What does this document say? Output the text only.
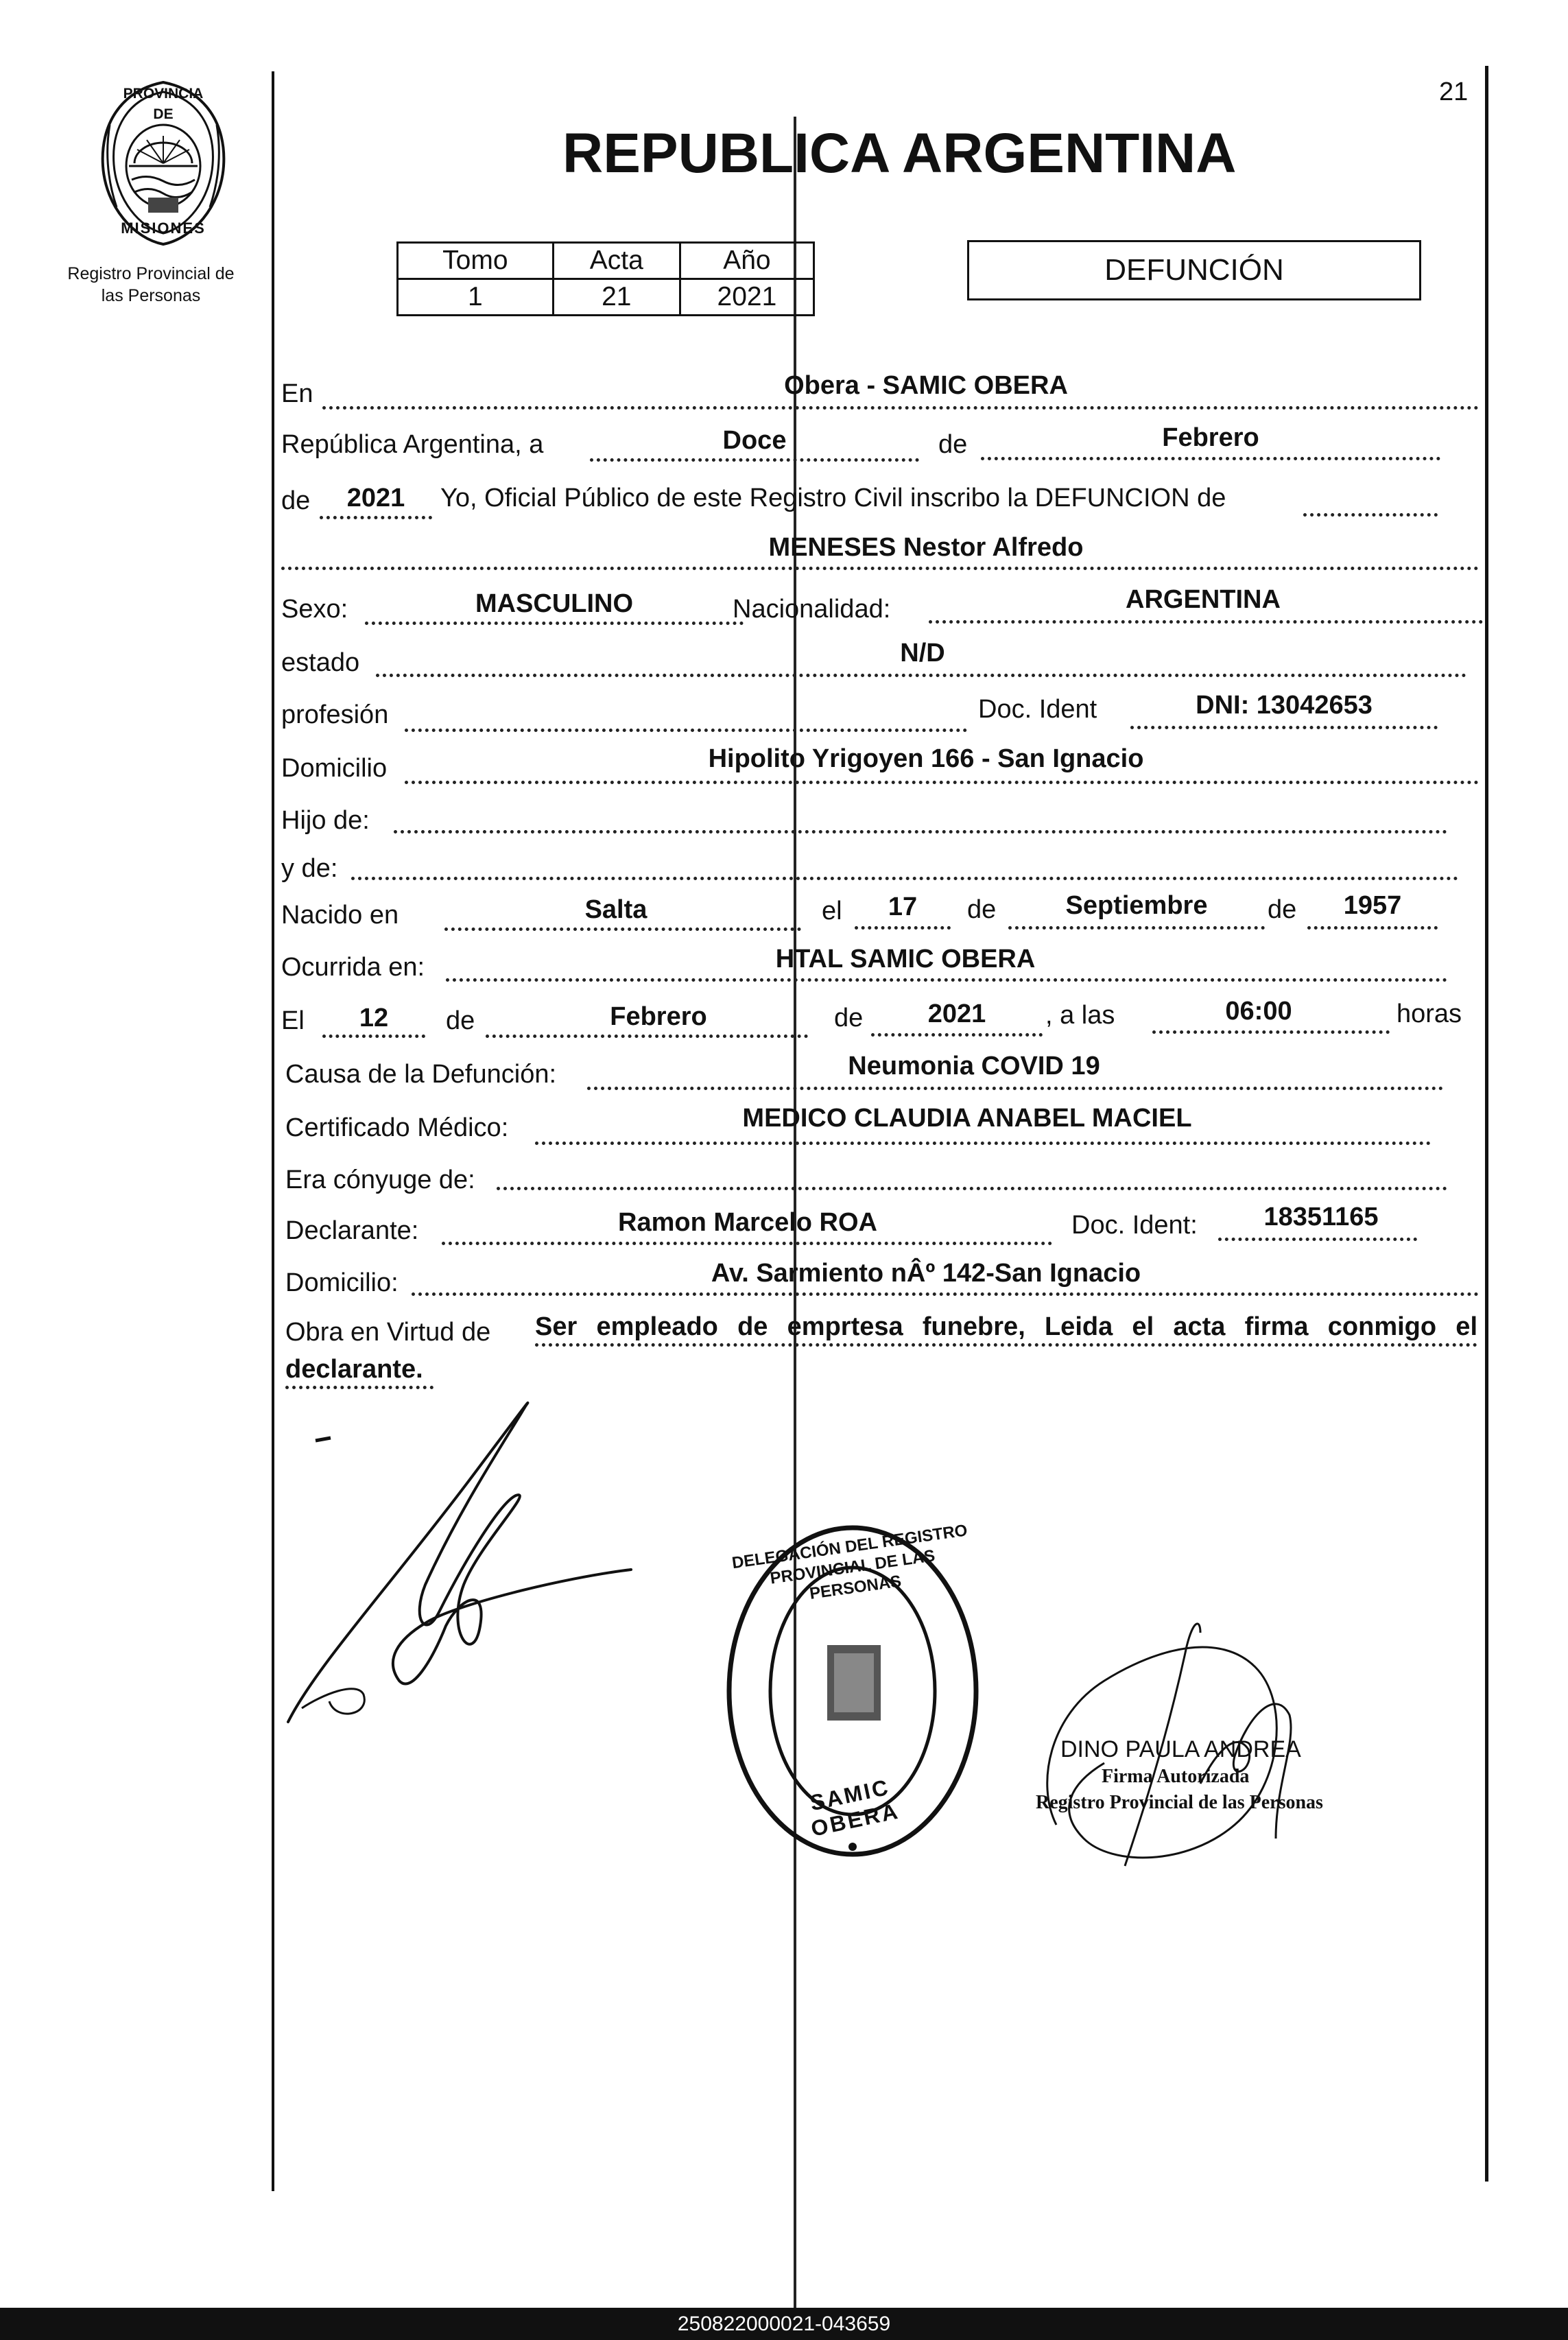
21
PROVINCIA DE
MISIONES
Registro Provincial de
las Personas
REPUBLICA ARGENTINA
Tomo	Acta	Año
1	21	2021
DEFUNCIÓN
En	Obera - SAMIC OBERA
República Argentina, a	Doce	de	Febrero
de	2021	Yo, Oficial Público de este Registro Civil inscribo la DEFUNCION de
MENESES Nestor Alfredo
Sexo:	MASCULINO	Nacionalidad:	ARGENTINA
estado	N/D
profesión	Doc. Ident	DNI: 13042653
Domicilio	Hipolito Yrigoyen 166 - San Ignacio
Hijo de:
y de:
Nacido en	Salta	el	17	de	Septiembre	de	1957
Ocurrida en:	HTAL SAMIC OBERA
El	12	de	Febrero	de	2021	, a las	06:00	horas
Causa de la Defunción:	Neumonia COVID 19
Certificado Médico:	MEDICO CLAUDIA ANABEL MACIEL
Era cónyuge de:
Declarante:	Ramon Marcelo ROA	Doc. Ident:	18351165
Domicilio:	Av. Sarmiento nÂº 142-San Ignacio
Obra en Virtud de Ser empleado de emprtesa funebre, Leida el acta firma conmigo el
declarante.
DELEGACIÓN DEL REGISTRO PROVINCIAL DE LAS PERSONAS
SAMIC OBERA
DINO PAULA ANDREA
Firma Autorizada
Registro Provincial de las Personas
250822000021-043659
